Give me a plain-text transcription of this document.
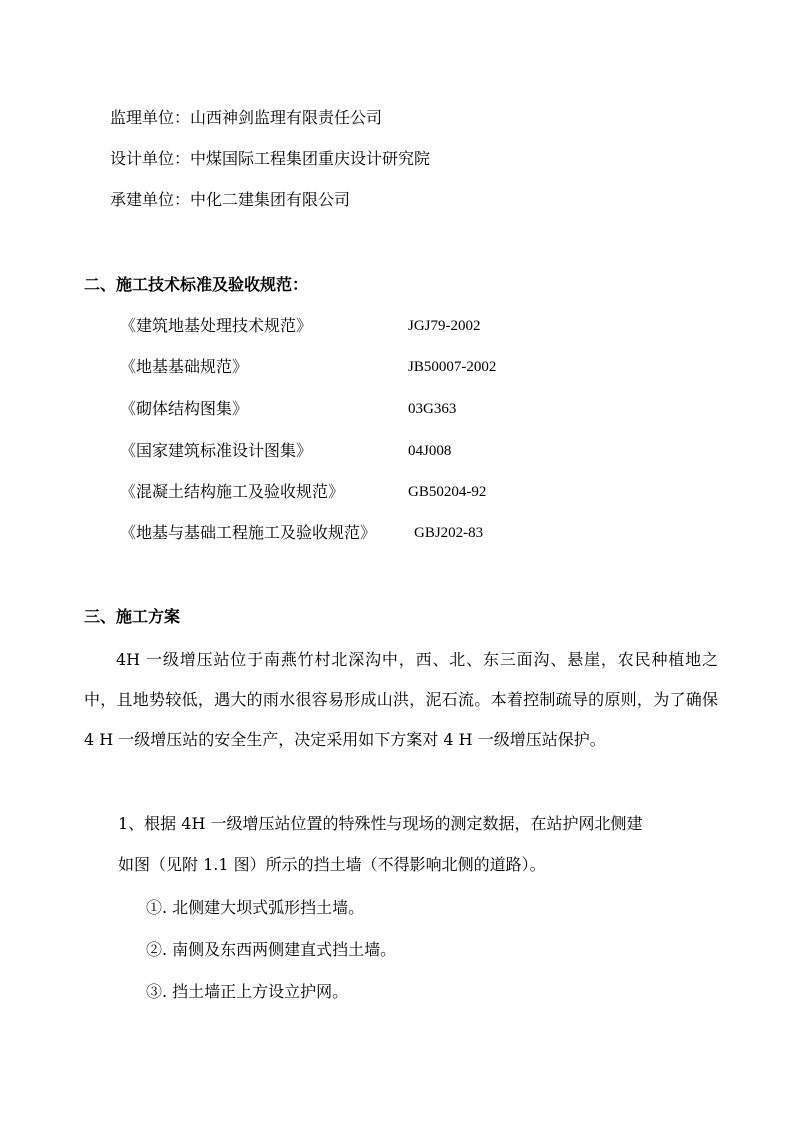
监理单位：山西神剑监理有限责任公司
设计单位：中煤国际工程集团重庆设计研究院
承建单位：中化二建集团有限公司
二、施工技术标准及验收规范：
《建筑地基处理技术规范》	JGJ79-2002
《地基基础规范》	JB50007-2002
《砌体结构图集》	03G363
《国家建筑标准设计图集》	04J008
《混凝土结构施工及验收规范》	GB50204-92
《地基与基础工程施工及验收规范》	GBJ202-83
三、施工方案
4H 一级增压站位于南燕竹村北深沟中，西、北、东三面沟、悬崖，农民种植地之中，且地势较低，遇大的雨水很容易形成山洪，泥石流。本着控制疏导的原则，为了确保 4 H 一级增压站的安全生产，决定采用如下方案对 4 H 一级增压站保护。
1、根据 4H 一级增压站位置的特殊性与现场的测定数据，在站护网北侧建
如图（见附 1.1 图）所示的挡土墙（不得影响北侧的道路）。
①. 北侧建大坝式弧形挡土墙。
②. 南侧及东西两侧建直式挡土墙。
③. 挡土墙正上方设立护网。
